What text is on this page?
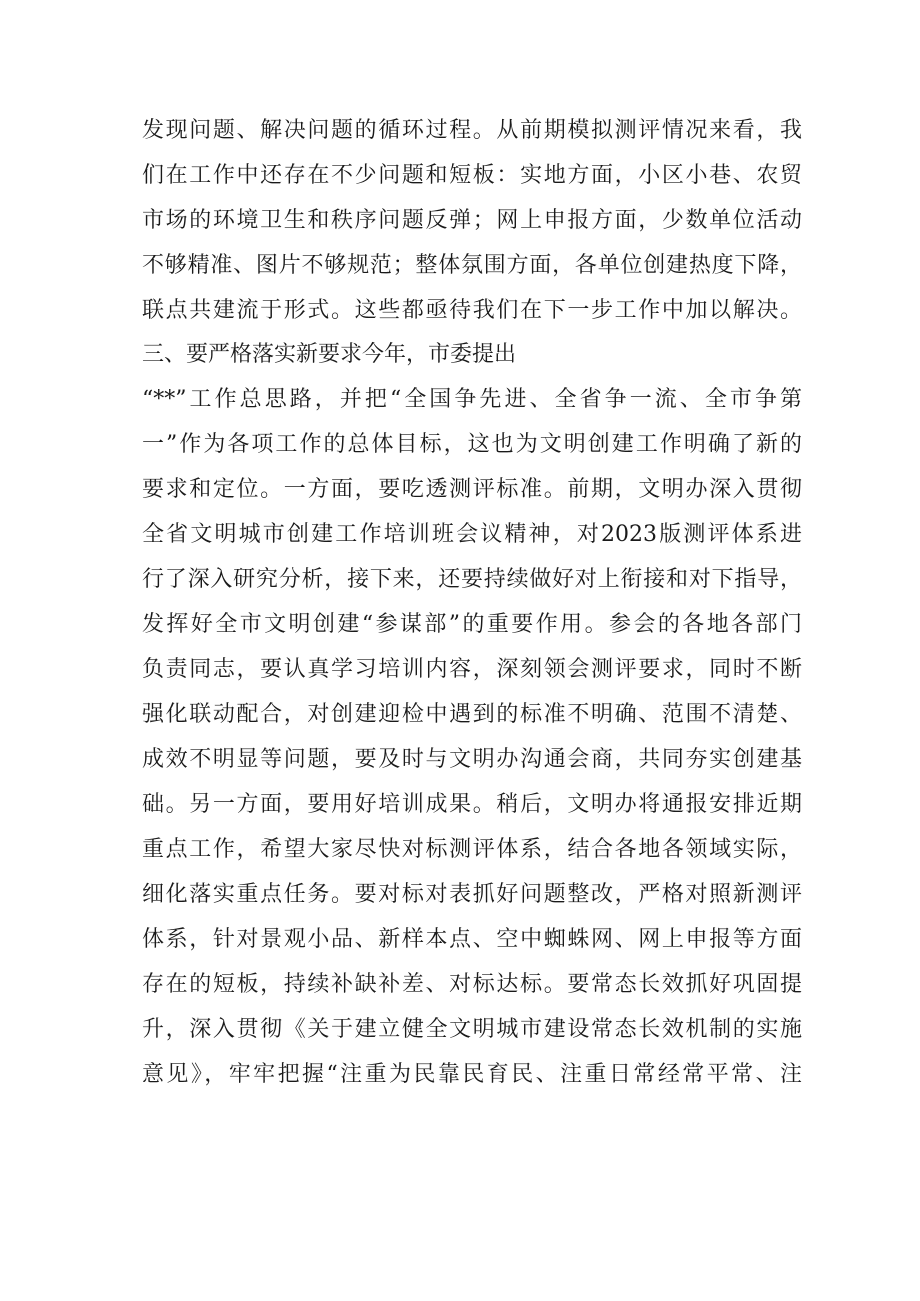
发现问题、解决问题的循环过程。从前期模拟测评情况来看，我
们在工作中还存在不少问题和短板：实地方面，小区小巷、农贸
市场的环境卫生和秩序问题反弹；网上申报方面，少数单位活动
不够精准、图片不够规范；整体氛围方面，各单位创建热度下降，
联点共建流于形式。这些都亟待我们在下一步工作中加以解决。
三、要严格落实新要求今年，市委提出
“**”工作总思路，并把“全国争先进、全省争一流、全市争第
一”作为各项工作的总体目标，这也为文明创建工作明确了新的
要求和定位。一方面，要吃透测评标准。前期，文明办深入贯彻
全省文明城市创建工作培训班会议精神，对2023版测评体系进
行了深入研究分析，接下来，还要持续做好对上衔接和对下指导，
发挥好全市文明创建“参谋部”的重要作用。参会的各地各部门
负责同志，要认真学习培训内容，深刻领会测评要求，同时不断
强化联动配合，对创建迎检中遇到的标准不明确、范围不清楚、
成效不明显等问题，要及时与文明办沟通会商，共同夯实创建基
础。另一方面，要用好培训成果。稍后，文明办将通报安排近期
重点工作，希望大家尽快对标测评体系，结合各地各领域实际，
细化落实重点任务。要对标对表抓好问题整改，严格对照新测评
体系，针对景观小品、新样本点、空中蜘蛛网、网上申报等方面
存在的短板，持续补缺补差、对标达标。要常态长效抓好巩固提
升，深入贯彻《关于建立健全文明城市建设常态长效机制的实施
意见》，牢牢把握“注重为民靠民育民、注重日常经常平常、注
